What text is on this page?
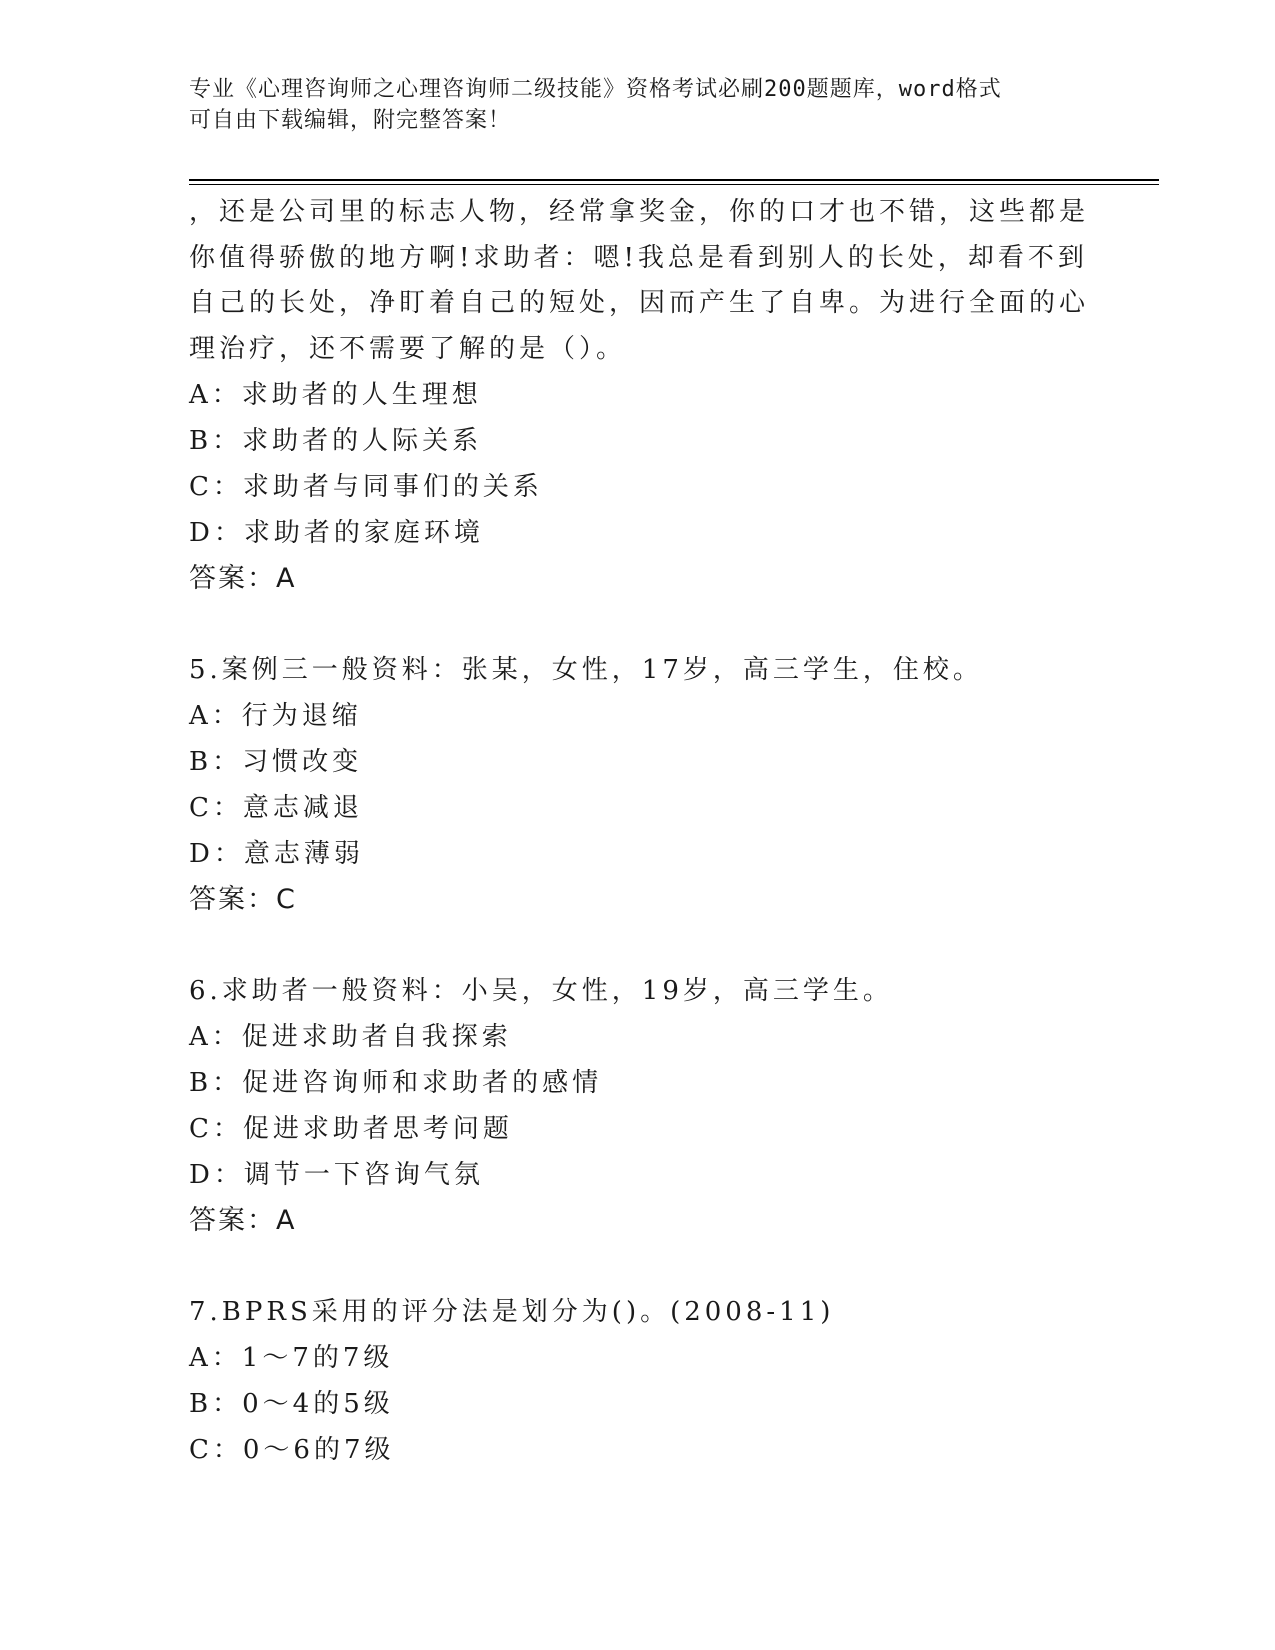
专业《心理咨询师之心理咨询师二级技能》资格考试必刷200题题库，word格式

可自由下载编辑，附完整答案！

，还是公司里的标志人物，经常拿奖金，你的口才也不错，这些都是

你值得骄傲的地方啊!求助者：嗯!我总是看到别人的长处，却看不到

自己的长处，净盯着自己的短处，因而产生了自卑。为进行全面的心

理治疗，还不需要了解的是（）。

A：求助者的人生理想

B：求助者的人际关系

C：求助者与同事们的关系

D：求助者的家庭环境

答案：A

5.案例三一般资料：张某，女性，17岁，高三学生，住校。

A：行为退缩

B：习惯改变

C：意志减退

D：意志薄弱

答案：C

6.求助者一般资料：小吴，女性，19岁，高三学生。

A：促进求助者自我探索

B：促进咨询师和求助者的感情

C：促进求助者思考问题

D：调节一下咨询气氛

答案：A

7.BPRS采用的评分法是划分为()。(2008-11)

A：1～7的7级

B：0～4的5级

C：0～6的7级
